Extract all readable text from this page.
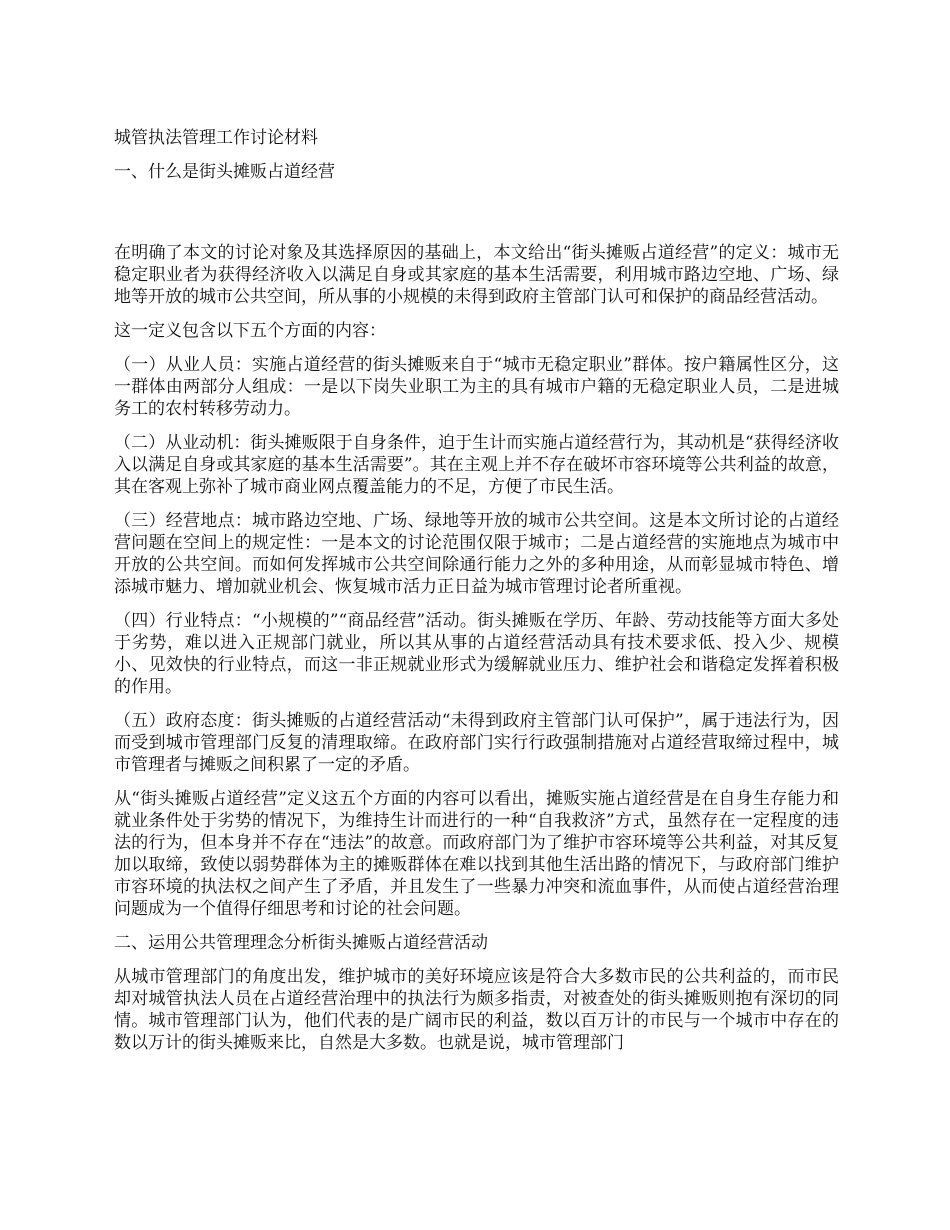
城管执法管理工作讨论材料

一、什么是街头摊贩占道经营

在明确了本文的讨论对象及其选择原因的基础上，本文给出“街头摊贩占道经营”的定义：城市无稳定职业者为获得经济收入以满足自身或其家庭的基本生活需要，利用城市路边空地、广场、绿地等开放的城市公共空间，所从事的小规模的未得到政府主管部门认可和保护的商品经营活动。

这一定义包含以下五个方面的内容：

（一）从业人员：实施占道经营的街头摊贩来自于“城市无稳定职业”群体。按户籍属性区分，这一群体由两部分人组成：一是以下岗失业职工为主的具有城市户籍的无稳定职业人员，二是进城务工的农村转移劳动力。

（二）从业动机：街头摊贩限于自身条件，迫于生计而实施占道经营行为，其动机是“获得经济收入以满足自身或其家庭的基本生活需要”。其在主观上并不存在破坏市容环境等公共利益的故意，其在客观上弥补了城市商业网点覆盖能力的不足，方便了市民生活。

（三）经营地点：城市路边空地、广场、绿地等开放的城市公共空间。这是本文所讨论的占道经营问题在空间上的规定性：一是本文的讨论范围仅限于城市；二是占道经营的实施地点为城市中开放的公共空间。而如何发挥城市公共空间除通行能力之外的多种用途，从而彰显城市特色、增添城市魅力、增加就业机会、恢复城市活力正日益为城市管理讨论者所重视。

（四）行业特点：“小规模的”“商品经营”活动。街头摊贩在学历、年龄、劳动技能等方面大多处于劣势，难以进入正规部门就业，所以其从事的占道经营活动具有技术要求低、投入少、规模小、见效快的行业特点，而这一非正规就业形式为缓解就业压力、维护社会和谐稳定发挥着积极的作用。

（五）政府态度：街头摊贩的占道经营活动“未得到政府主管部门认可保护”，属于违法行为，因而受到城市管理部门反复的清理取缔。在政府部门实行行政强制措施对占道经营取缔过程中，城市管理者与摊贩之间积累了一定的矛盾。

从“街头摊贩占道经营”定义这五个方面的内容可以看出，摊贩实施占道经营是在自身生存能力和就业条件处于劣势的情况下，为维持生计而进行的一种“自我救济”方式，虽然存在一定程度的违法的行为，但本身并不存在“违法”的故意。而政府部门为了维护市容环境等公共利益，对其反复加以取缔，致使以弱势群体为主的摊贩群体在难以找到其他生活出路的情况下，与政府部门维护市容环境的执法权之间产生了矛盾，并且发生了一些暴力冲突和流血事件，从而使占道经营治理问题成为一个值得仔细思考和讨论的社会问题。

二、运用公共管理理念分析街头摊贩占道经营活动

从城市管理部门的角度出发，维护城市的美好环境应该是符合大多数市民的公共利益的，而市民却对城管执法人员在占道经营治理中的执法行为颇多指责，对被查处的街头摊贩则抱有深切的同情。城市管理部门认为，他们代表的是广阔市民的利益，数以百万计的市民与一个城市中存在的数以万计的街头摊贩来比，自然是大多数。也就是说，城市管理部门
